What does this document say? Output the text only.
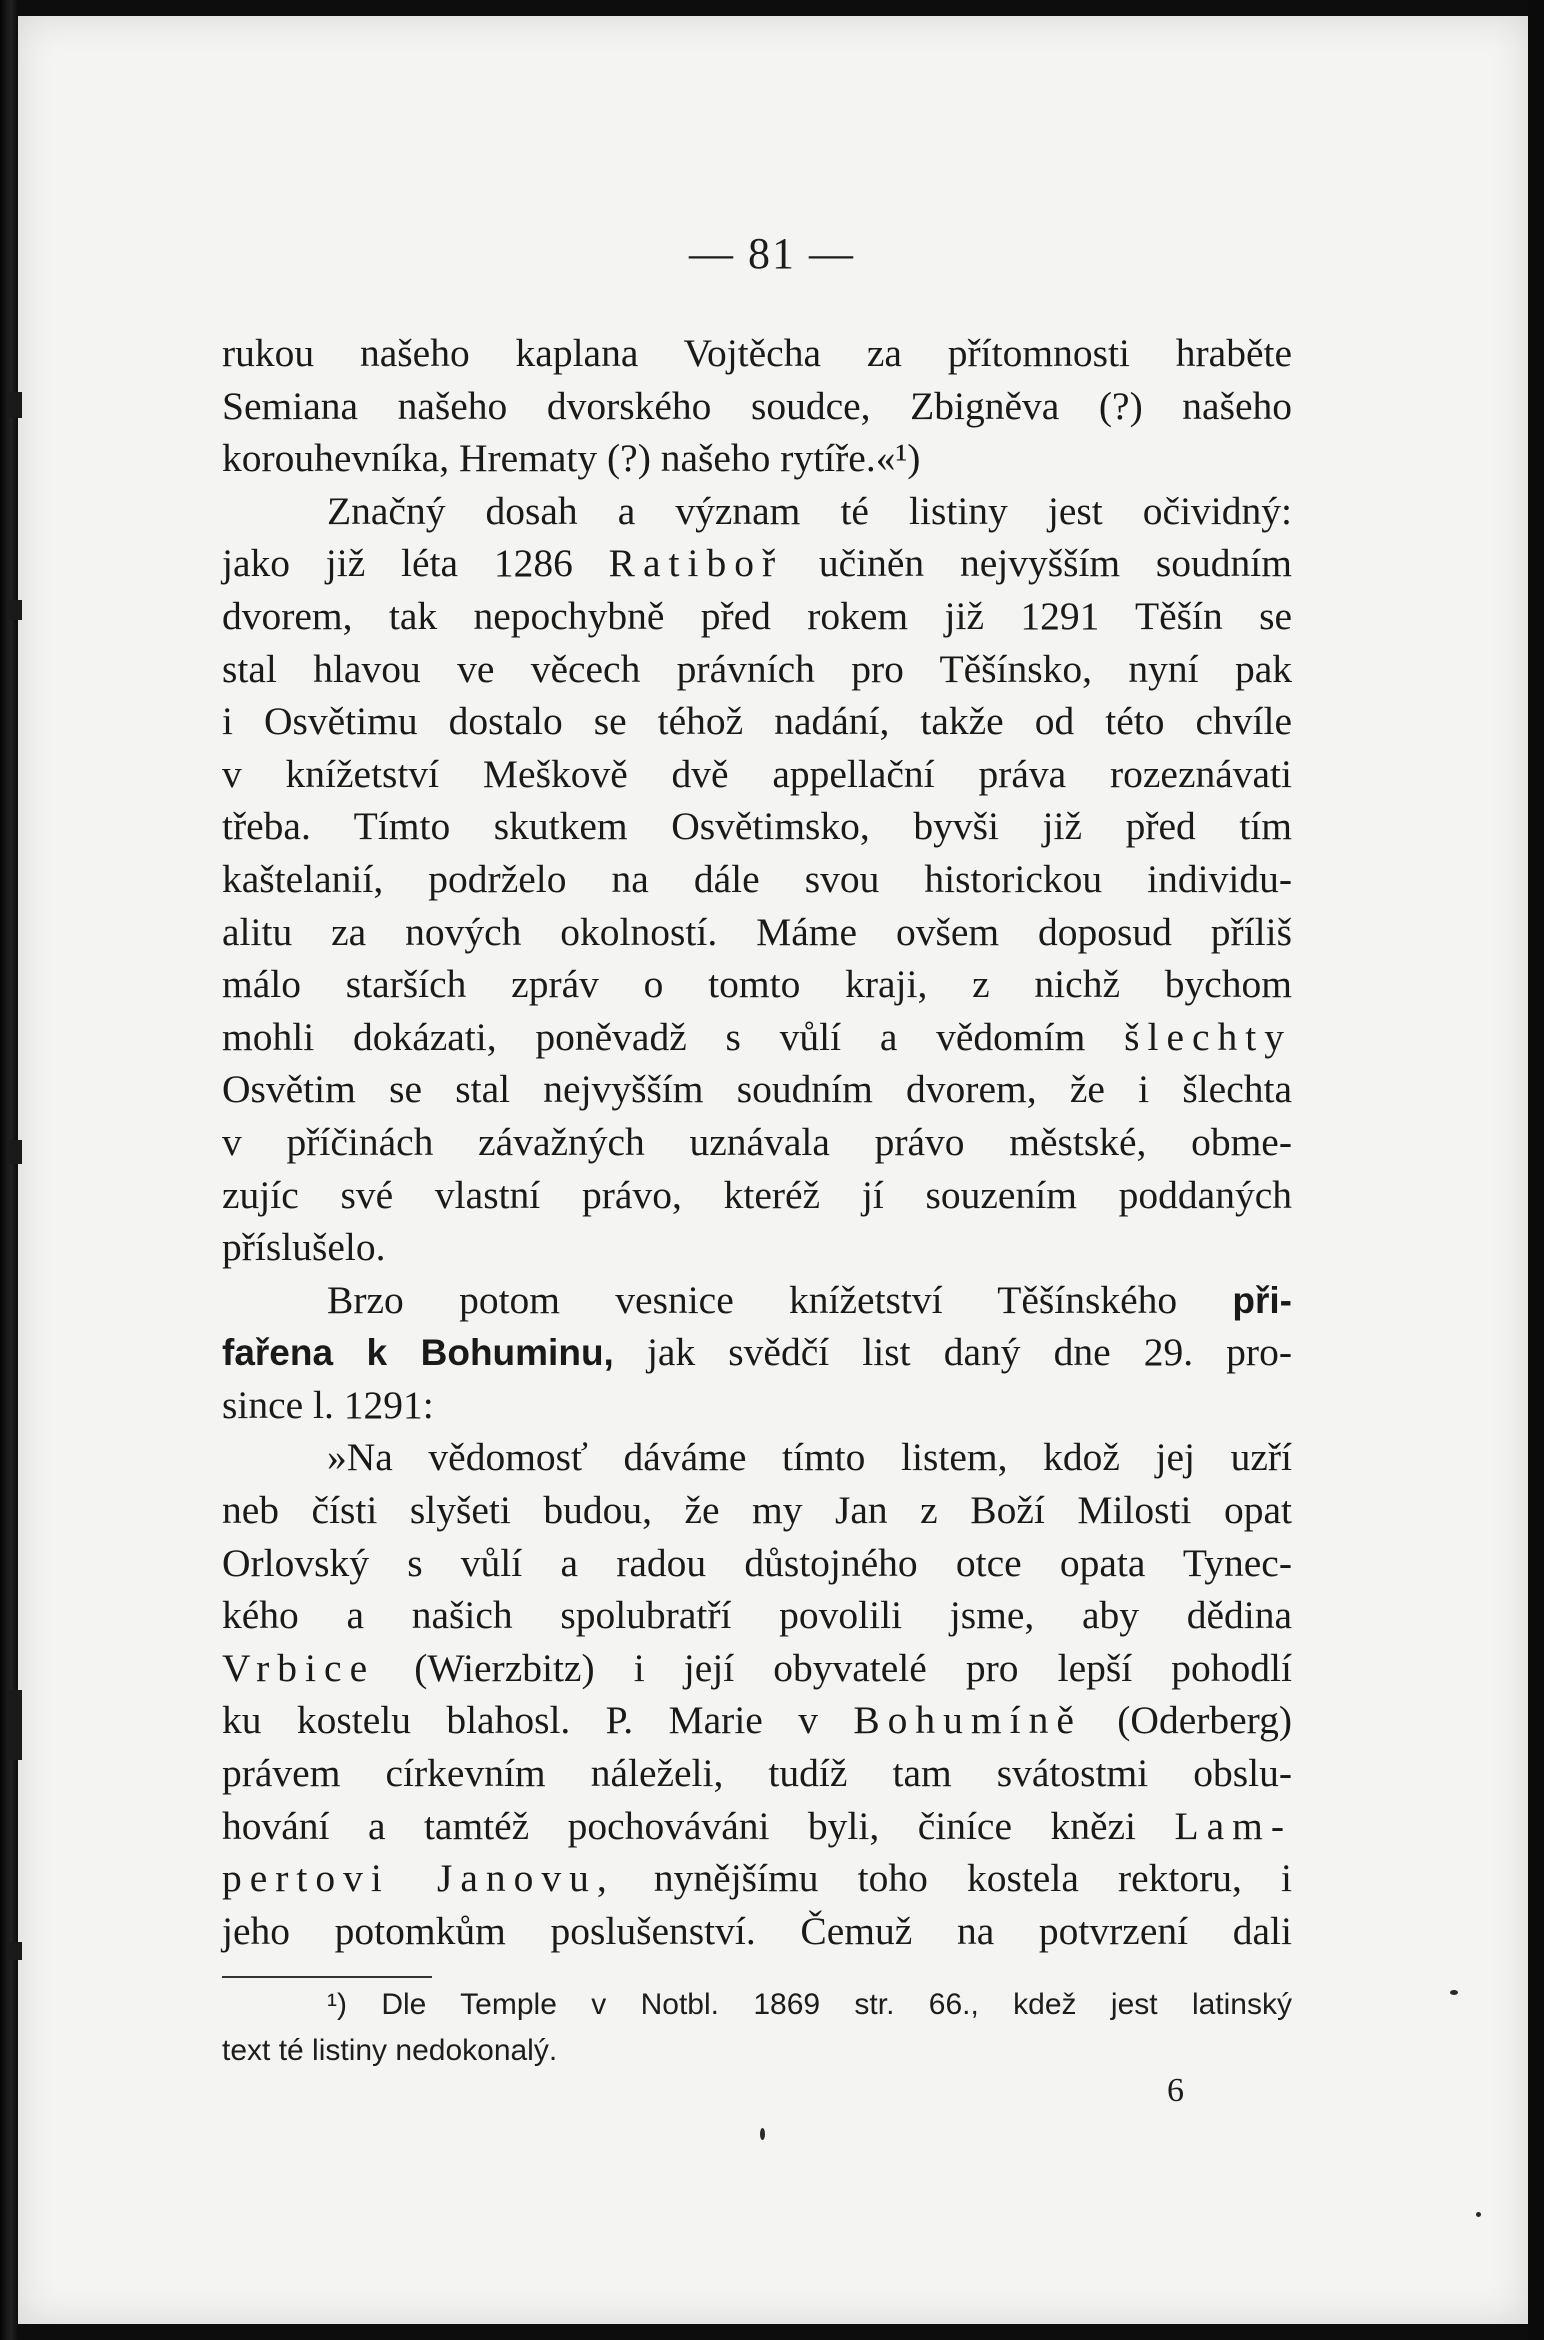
— 81 —
rukou našeho kaplana Vojtěcha za přítomnosti hraběte
Semiana našeho dvorského soudce, Zbigněva (?) našeho
korouhevníka, Hrematy (?) našeho rytíře.«¹)
Značný dosah a význam té listiny jest očividný:
jako již léta 1286 Ratiboř učiněn nejvyšším soudním
dvorem, tak nepochybně před rokem již 1291 Těšín se
stal hlavou ve věcech právních pro Těšínsko, nyní pak
i Osvětimu dostalo se téhož nadání, takže od této chvíle
v knížetství Meškově dvě appellační práva rozeznávati
třeba. Tímto skutkem Osvětimsko, byvši již před tím
kaštelanií, podrželo na dále svou historickou individu-
alitu za nových okolností. Máme ovšem doposud příliš
málo starších zpráv o tomto kraji, z nichž bychom
mohli dokázati, poněvadž s vůlí a vědomím šlechty
Osvětim se stal nejvyšším soudním dvorem, že i šlechta
v příčinách závažných uznávala právo městské, obme-
zujíc své vlastní právo, kteréž jí souzením poddaných
příslušelo.
Brzo potom vesnice knížetství Těšínského při-
fařena k Bohuminu, jak svědčí list daný dne 29. pro-
since l. 1291:
»Na vědomosť dáváme tímto listem, kdož jej uzří
neb čísti slyšeti budou, že my Jan z Boží Milosti opat
Orlovský s vůlí a radou důstojného otce opata Tynec-
kého a našich spolubratří povolili jsme, aby dědina
Vrbice (Wierzbitz) i její obyvatelé pro lepší pohodlí
ku kostelu blahosl. P. Marie v Bohumíně (Oderberg)
právem církevním náleželi, tudíž tam svátostmi obslu-
hování a tamtéž pochováváni byli, činíce knězi Lam-
pertovi Janovu, nynějšímu toho kostela rektoru, i
jeho potomkům poslušenství. Čemuž na potvrzení dali
¹) Dle Temple v Notbl. 1869 str. 66., kdež jest latinský
text té listiny nedokonalý.
6
